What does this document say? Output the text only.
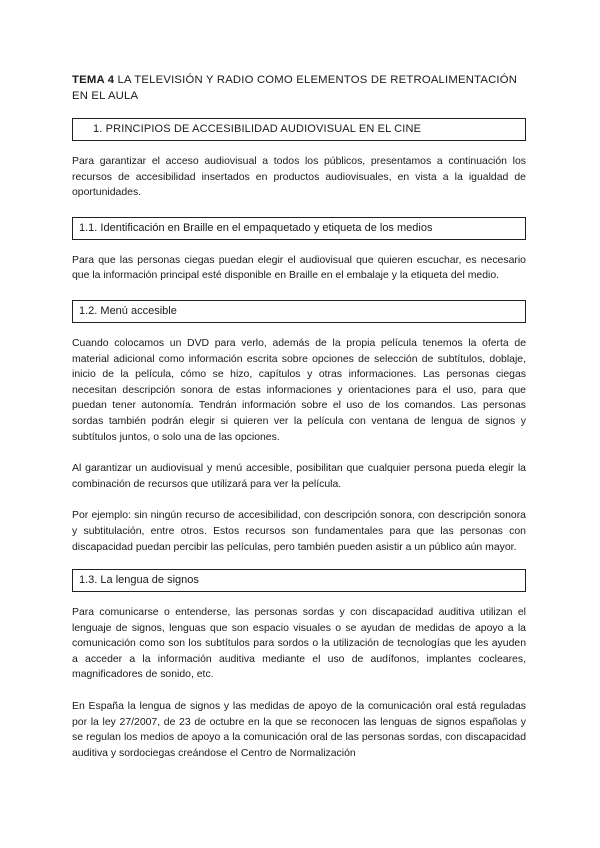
TEMA 4 LA TELEVISIÓN Y RADIO COMO ELEMENTOS DE RETROALIMENTACIÓN EN EL AULA
1. PRINCIPIOS DE ACCESIBILIDAD AUDIOVISUAL EN EL CINE

Para garantizar el acceso audiovisual a todos los públicos, presentamos a continuación los recursos de accesibilidad insertados en productos audiovisuales, en vista a la igualdad de oportunidades.

1.1. Identificación en Braille en el empaquetado y etiqueta de los medios

Para que las personas ciegas puedan elegir el audiovisual que quieren escuchar, es necesario que la información principal esté disponible en Braille en el embalaje y la etiqueta del medio.

1.2. Menú accesible

Cuando colocamos un DVD para verlo, además de la propia película tenemos la oferta de material adicional como información escrita sobre opciones de selección de subtítulos, doblaje, inicio de la película, cómo se hizo, capítulos y otras informaciones. Las personas ciegas necesitan descripción sonora de estas informaciones y orientaciones para el uso, para que puedan tener autonomía. Tendrán información sobre el uso de los comandos. Las personas sordas también podrán elegir si quieren ver la película con ventana de lengua de signos y subtítulos juntos, o solo una de las opciones.

Al garantizar un audiovisual y menú accesible, posibilitan que cualquier persona pueda elegir la combinación de recursos que utilizará para ver la película.

Por ejemplo: sin ningún recurso de accesibilidad, con descripción sonora, con descripción sonora y subtitulación, entre otros. Estos recursos son fundamentales para que las personas con discapacidad puedan percibir las películas, pero también pueden asistir a un público aún mayor.

1.3. La lengua de signos

Para comunicarse o entenderse, las personas sordas y con discapacidad auditiva utilizan el lenguaje de signos, lenguas que son espacio visuales o se ayudan de medidas de apoyo a la comunicación como son los subtítulos para sordos o la utilización de tecnologías que les ayuden a acceder a la información auditiva mediante el uso de audífonos, implantes cocleares, magnificadores de sonido, etc.

En España la lengua de signos y las medidas de apoyo de la comunicación oral está reguladas por la ley 27/2007, de 23 de octubre en la que se reconocen las lenguas de signos españolas y se regulan los medios de apoyo a la comunicación oral de las personas sordas, con discapacidad auditiva y sordociegas creándose el Centro de Normalización
